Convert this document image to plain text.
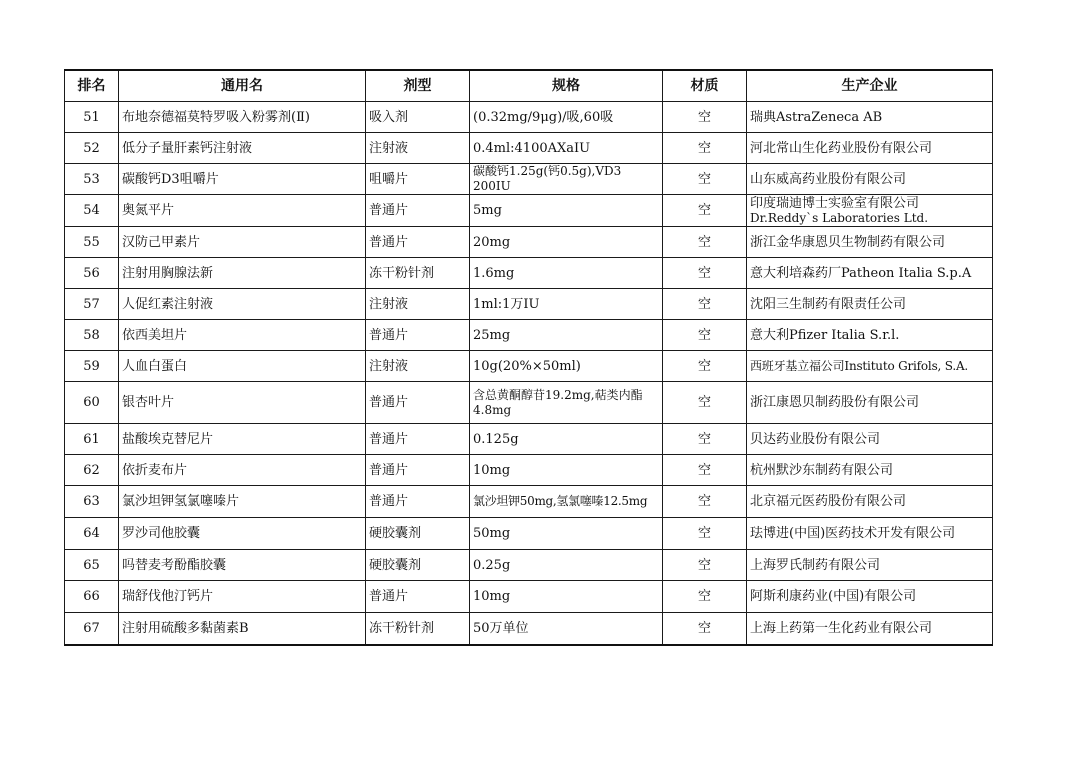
排名	通用名	剂型	规格	材质	生产企业
51	布地奈德福莫特罗吸入粉雾剂(Ⅱ)	吸入剂	(0.32mg/9μg)/吸,60吸	空	瑞典AstraZeneca AB
52	低分子量肝素钙注射液	注射液	0.4ml:4100AXaIU	空	河北常山生化药业股份有限公司
53	碳酸钙D3咀嚼片	咀嚼片	碳酸钙1.25g(钙0.5g),VD3 200IU	空	山东威高药业股份有限公司
54	奥氮平片	普通片	5mg	空	印度瑞迪博士实验室有限公司
Dr.Reddy`s Laboratories Ltd.

55	汉防己甲素片	普通片	20mg	空	浙江金华康恩贝生物制药有限公司
56	注射用胸腺法新	冻干粉针剂	1.6mg	空	意大利培森药厂Patheon Italia S.p.A
57	人促红素注射液	注射液	1ml:1万IU	空	沈阳三生制药有限责任公司
58	依西美坦片	普通片	25mg	空	意大利Pfizer Italia S.r.l.
59	人血白蛋白	注射液	10g(20%×50ml)	空	西班牙基立福公司Instituto Grifols, S.A.
60	银杏叶片	普通片	含总黄酮醇苷19.2mg,萜类内酯
4.8mg	空	浙江康恩贝制药股份有限公司
61	盐酸埃克替尼片	普通片	0.125g	空	贝达药业股份有限公司
62	依折麦布片	普通片	10mg	空	杭州默沙东制药有限公司
63	氯沙坦钾氢氯噻嗪片	普通片	氯沙坦钾50mg,氢氯噻嗪12.5mg	空	北京福元医药股份有限公司
64	罗沙司他胶囊	硬胶囊剂	50mg	空	珐博进(中国)医药技术开发有限公司
65	吗替麦考酚酯胶囊	硬胶囊剂	0.25g	空	上海罗氏制药有限公司
66	瑞舒伐他汀钙片	普通片	10mg	空	阿斯利康药业(中国)有限公司
67	注射用硫酸多黏菌素B	冻干粉针剂	50万单位	空	上海上药第一生化药业有限公司
